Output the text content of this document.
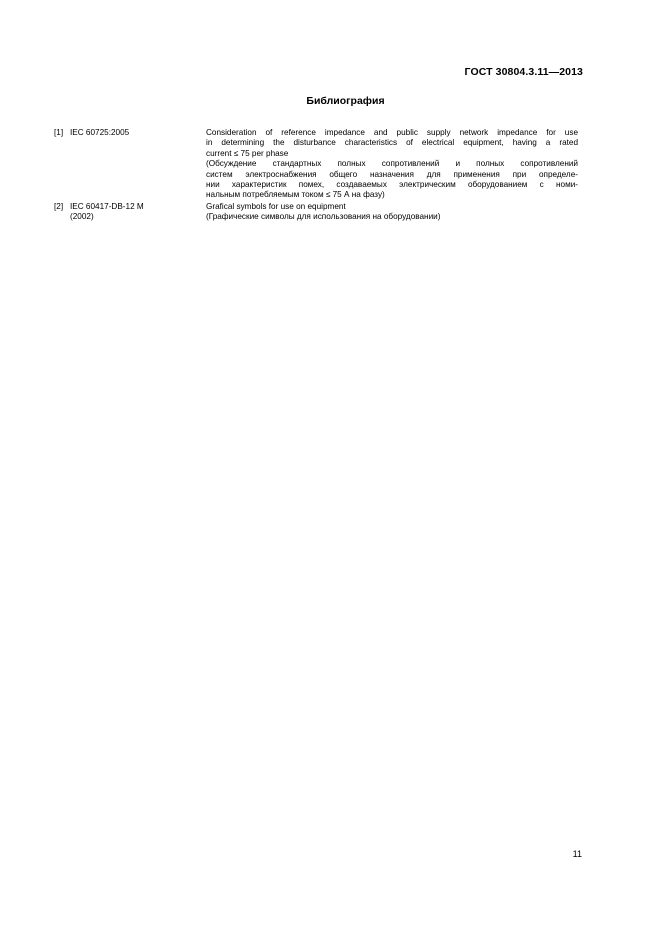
ГОСТ 30804.3.11—2013
Библиография
[1] IEC 60725:2005	Consideration of reference impedance and public supply network impedance for use
in determining the disturbance characteristics of electrical equipment, having a rated
current ≤ 75 per phase
(Обсуждение стандартных полных сопротивлений и полных сопротивлений
систем электроснабжения общего назначения для применения при определе-
нии характеристик помех, создаваемых электрическим оборудованием с номи-
нальным потребляемым током ≤ 75 А на фазу)
[2] IEC 60417-DB-12 M
(2002)
Grafical symbols for use on equipment
(Графические символы для использования на оборудовании)
11
